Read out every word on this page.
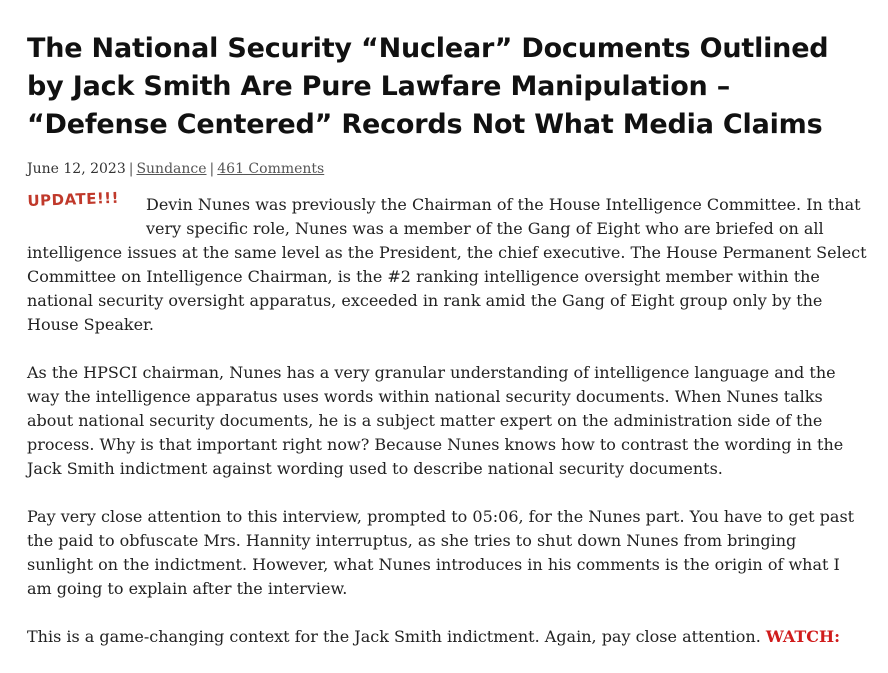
The National Security “Nuclear” Documents Outlined by Jack Smith Are Pure Lawfare Manipulation – “Defense Centered” Records Not What Media Claims
June 12, 2023 | Sundance | 461 Comments

UPDATE!!!	Devin Nunes was previously the Chairman of the House Intelligence Committee. In that very specific role, Nunes was a member of the Gang of Eight who are briefed on all intelligence issues at the same level as the President, the chief executive. The House Permanent Select Committee on Intelligence Chairman, is the #2 ranking intelligence oversight member within the national security oversight apparatus, exceeded in rank amid the Gang of Eight group only by the House Speaker.

As the HPSCI chairman, Nunes has a very granular understanding of intelligence language and the way the intelligence apparatus uses words within national security documents. When Nunes talks about national security documents, he is a subject matter expert on the administration side of the process. Why is that important right now? Because Nunes knows how to contrast the wording in the Jack Smith indictment against wording used to describe national security documents.

Pay very close attention to this interview, prompted to 05:06, for the Nunes part. You have to get past the paid to obfuscate Mrs. Hannity interruptus, as she tries to shut down Nunes from bringing sunlight on the indictment. However, what Nunes introduces in his comments is the origin of what I am going to explain after the interview.

This is a game-changing context for the Jack Smith indictment. Again, pay close attention. WATCH:
